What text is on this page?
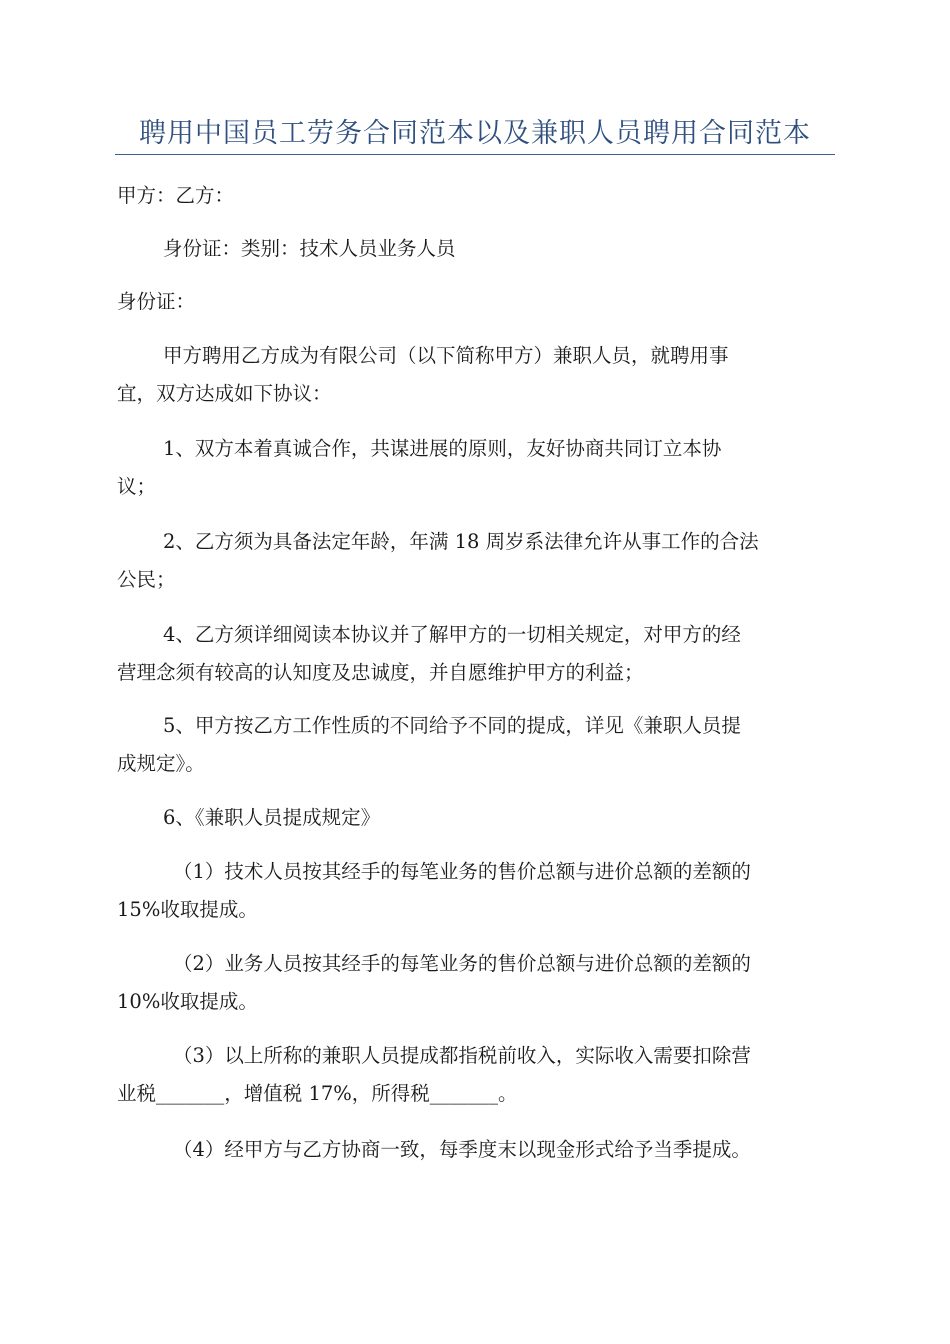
聘用中国员工劳务合同范本以及兼职人员聘用合同范本
甲方：乙方：
身份证：类别：技术人员业务人员
身份证：
甲方聘用乙方成为有限公司（以下简称甲方）兼职人员，就聘用事
宜，双方达成如下协议：
1、双方本着真诚合作，共谋进展的原则，友好协商共同订立本协
议；
2、乙方须为具备法定年龄，年满 18 周岁系法律允许从事工作的合法
公民；
4、乙方须详细阅读本协议并了解甲方的一切相关规定，对甲方的经
营理念须有较高的认知度及忠诚度，并自愿维护甲方的利益；
5、甲方按乙方工作性质的不同给予不同的提成，详见《兼职人员提
成规定》。
6、《兼职人员提成规定》
（1）技术人员按其经手的每笔业务的售价总额与进价总额的差额的
15%收取提成。
（2）业务人员按其经手的每笔业务的售价总额与进价总额的差额的
10%收取提成。
（3）以上所称的兼职人员提成都指税前收入，实际收入需要扣除营
业税_______，增值税 17%，所得税_______。
（4）经甲方与乙方协商一致，每季度末以现金形式给予当季提成。
